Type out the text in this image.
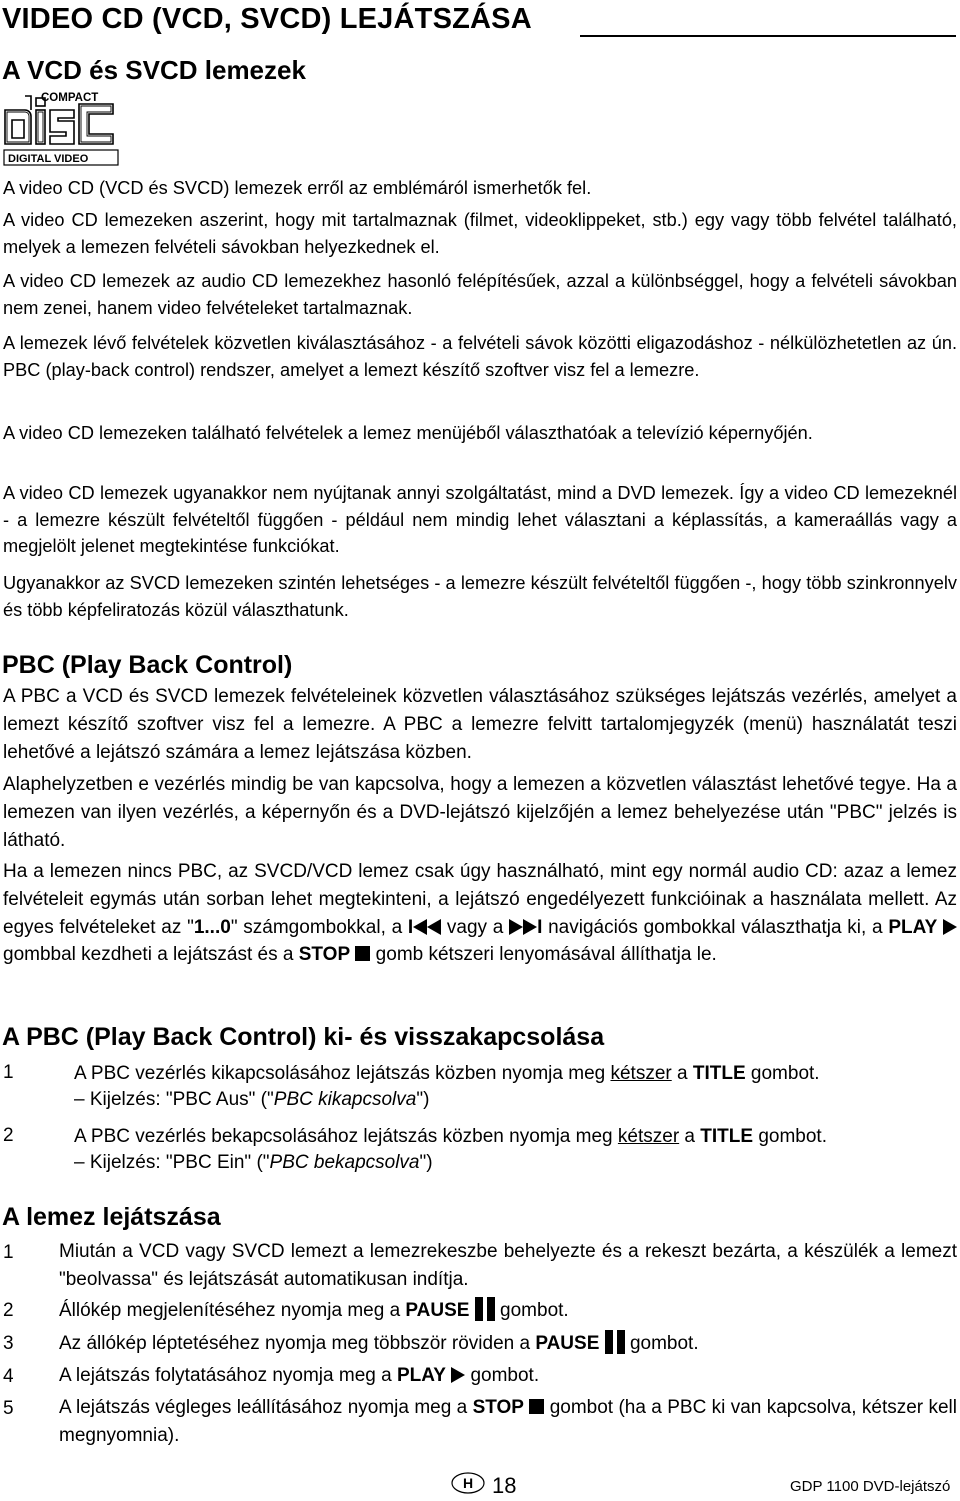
VIDEO CD (VCD, SVCD) LEJÁTSZÁSA
A VCD és SVCD lemezek
COMPACT
DIGITAL VIDEO
A video CD (VCD és SVCD) lemezek erről az emblémáról ismerhetők fel.
A video CD lemezeken aszerint, hogy mit tartalmaznak (filmet, videoklippeket, stb.) egy vagy több felvétel található, melyek a lemezen felvételi sávokban helyezkednek el.
A video CD lemezek az audio CD lemezekhez hasonló felépítésűek, azzal a különbséggel, hogy a felvételi sávokban nem zenei, hanem video felvételeket tartalmaznak.
A lemezek lévő felvételek közvetlen kiválasztásához - a felvételi sávok közötti eligazodáshoz - nélkülözhetetlen az ún. PBC (play-back control) rendszer, amelyet a lemezt készítő szoftver visz fel a lemezre.
A video CD lemezeken található felvételek a lemez menüjéből választhatóak a televízió képernyőjén.
A video CD lemezek ugyanakkor nem nyújtanak annyi szolgáltatást, mind a DVD lemezek. Így a video CD lemezeknél - a lemezre készült felvételtől függően - például nem mindig lehet választani a képlassítás, a kameraállás vagy a megjelölt jelenet megtekintése funkciókat.
Ugyanakkor az SVCD lemezeken szintén lehetséges - a lemezre készült felvételtől függően -, hogy több szinkronnyelv és több képfeliratozás közül választhatunk.
PBC (Play Back Control)
A PBC a VCD és SVCD lemezek felvételeinek közvetlen választásához szükséges lejátszás vezérlés, amelyet a lemezt készítő szoftver visz fel a lemezre. A PBC a lemezre felvitt tartalomjegyzék (menü) használatát teszi lehetővé a lejátszó számára a lemez lejátszása közben.
Alaphelyzetben e vezérlés mindig be van kapcsolva, hogy a lemezen a közvetlen választást lehetővé tegye. Ha a lemezen van ilyen vezérlés, a képernyőn és a DVD-lejátszó kijelzőjén a lemez behelyezése után "PBC" jelzés is látható.
Ha a lemezen nincs PBC, az SVCD/VCD lemez csak úgy használható, mint egy normál audio CD: azaz a lemez felvételeit egymás után sorban lehet megtekinteni, a lejátszó engedélyezett funkcióinak a használata mellett. Az egyes felvételeket az "1...0" számgombokkal, a I vagy a I navigációs gombokkal választhatja ki, a PLAY  gombbal kezdheti a lejátszást és a STOP  gomb kétszeri lenyomásával állíthatja le.
A PBC (Play Back Control) ki- és visszakapcsolása
1	A PBC vezérlés kikapcsolásához lejátszás közben nyomja meg kétszer a TITLE gombot.
– Kijelzés: "PBC Aus" ("PBC kikapcsolva")
2	A PBC vezérlés bekapcsolásához lejátszás közben nyomja meg kétszer a TITLE gombot.
– Kijelzés: "PBC Ein" ("PBC bekapcsolva")
A lemez lejátszása
1 Miután a VCD vagy SVCD lemezt a lemezrekeszbe behelyezte és a rekeszt bezárta, a készülék a lemezt "beolvassa" és lejátszását automatikusan indítja.
2 Állókép megjelenítéséhez nyomja meg a PAUSE  gombot.
3 Az állókép léptetéséhez nyomja meg többször röviden a PAUSE  gombot.
4 A lejátszás folytatásához nyomja meg a PLAY  gombot.
5 A lejátszás végleges leállításához nyomja meg a STOP  gombot (ha a PBC ki van kapcsolva, kétszer kell megnyomnia).
H 18	GDP 1100 DVD-lejátszó
